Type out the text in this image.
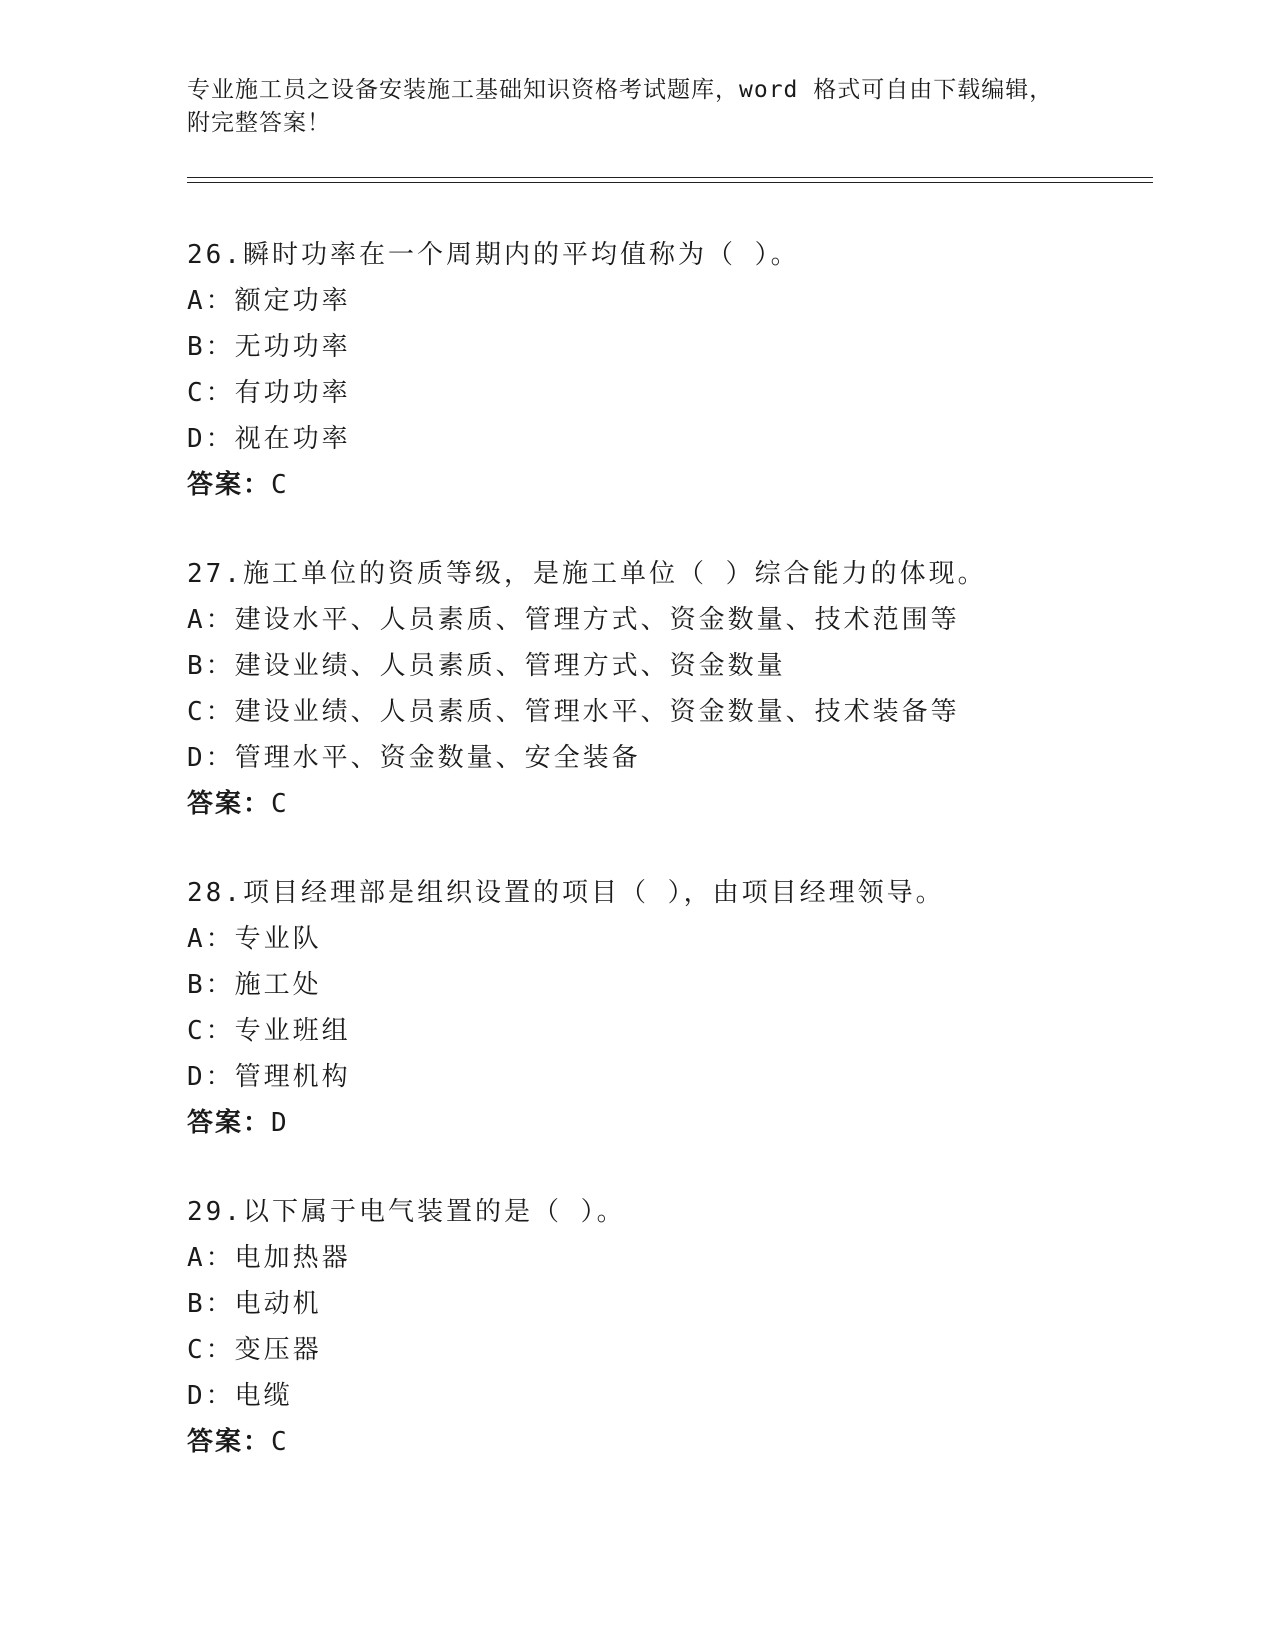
专业施工员之设备安装施工基础知识资格考试题库，word 格式可自由下载编辑，
附完整答案！
26.瞬时功率在一个周期内的平均值称为（ ）。
A：额定功率
B：无功功率
C：有功功率
D：视在功率
答案：C
27.施工单位的资质等级，是施工单位（ ）综合能力的体现。
A：建设水平、人员素质、管理方式、资金数量、技术范围等
B：建设业绩、人员素质、管理方式、资金数量
C：建设业绩、人员素质、管理水平、资金数量、技术装备等
D：管理水平、资金数量、安全装备
答案：C
28.项目经理部是组织设置的项目（ ），由项目经理领导。
A：专业队
B：施工处
C：专业班组
D：管理机构
答案：D
29.以下属于电气装置的是（ ）。
A：电加热器
B：电动机
C：变压器
D：电缆
答案：C
